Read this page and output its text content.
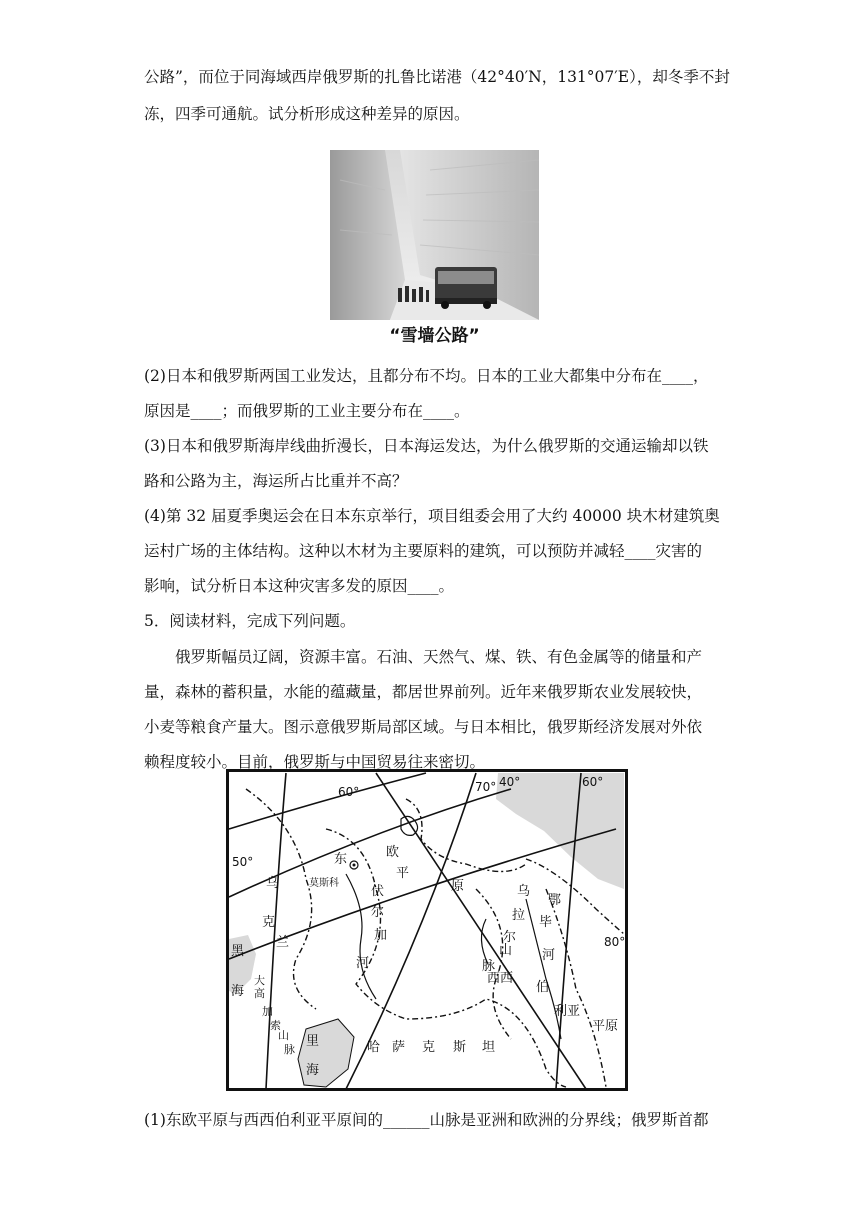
公路”，而位于同海域西岸俄罗斯的扎鲁比诺港（42°40′N，131°07′E），却冬季不封
冻，四季可通航。试分析形成这种差异的原因。
“雪墙公路”
(2)日本和俄罗斯两国工业发达，且都分布不均。日本的工业大都集中分布在____，
原因是____；而俄罗斯的工业主要分布在____。
(3)日本和俄罗斯海岸线曲折漫长，日本海运发达，为什么俄罗斯的交通运输却以铁
路和公路为主，海运所占比重并不高？
(4)第 32 届夏季奥运会在日本东京举行，项目组委会用了大约 40000 块木材建筑奥
运村广场的主体结构。这种以木材为主要原料的建筑，可以预防并减轻____灾害的
影响，试分析日本这种灾害多发的原因____。
5．阅读材料，完成下列问题。
俄罗斯幅员辽阔，资源丰富。石油、天然气、煤、铁、有色金属等的储量和产
量，森林的蓄积量，水能的蕴藏量，都居世界前列。近年来俄罗斯农业发展较快，
小麦等粮食产量大。图示意俄罗斯局部区域。与日本相比，俄罗斯经济发展对外依
赖程度较小。目前，俄罗斯与中国贸易往来密切。
60°	70° 40°	60°
50°
80°
东	欧
平
原
乌
克
兰
莫斯科
伏
尔
加
河
乌
拉
尔
山
脉
鄂
毕
河
西西
伯
利亚
平原
黑
海
大
高
加
索
山
脉
里
海
哈 萨 克 斯 坦
(1)东欧平原与西西伯利亚平原间的______山脉是亚洲和欧洲的分界线；俄罗斯首都
